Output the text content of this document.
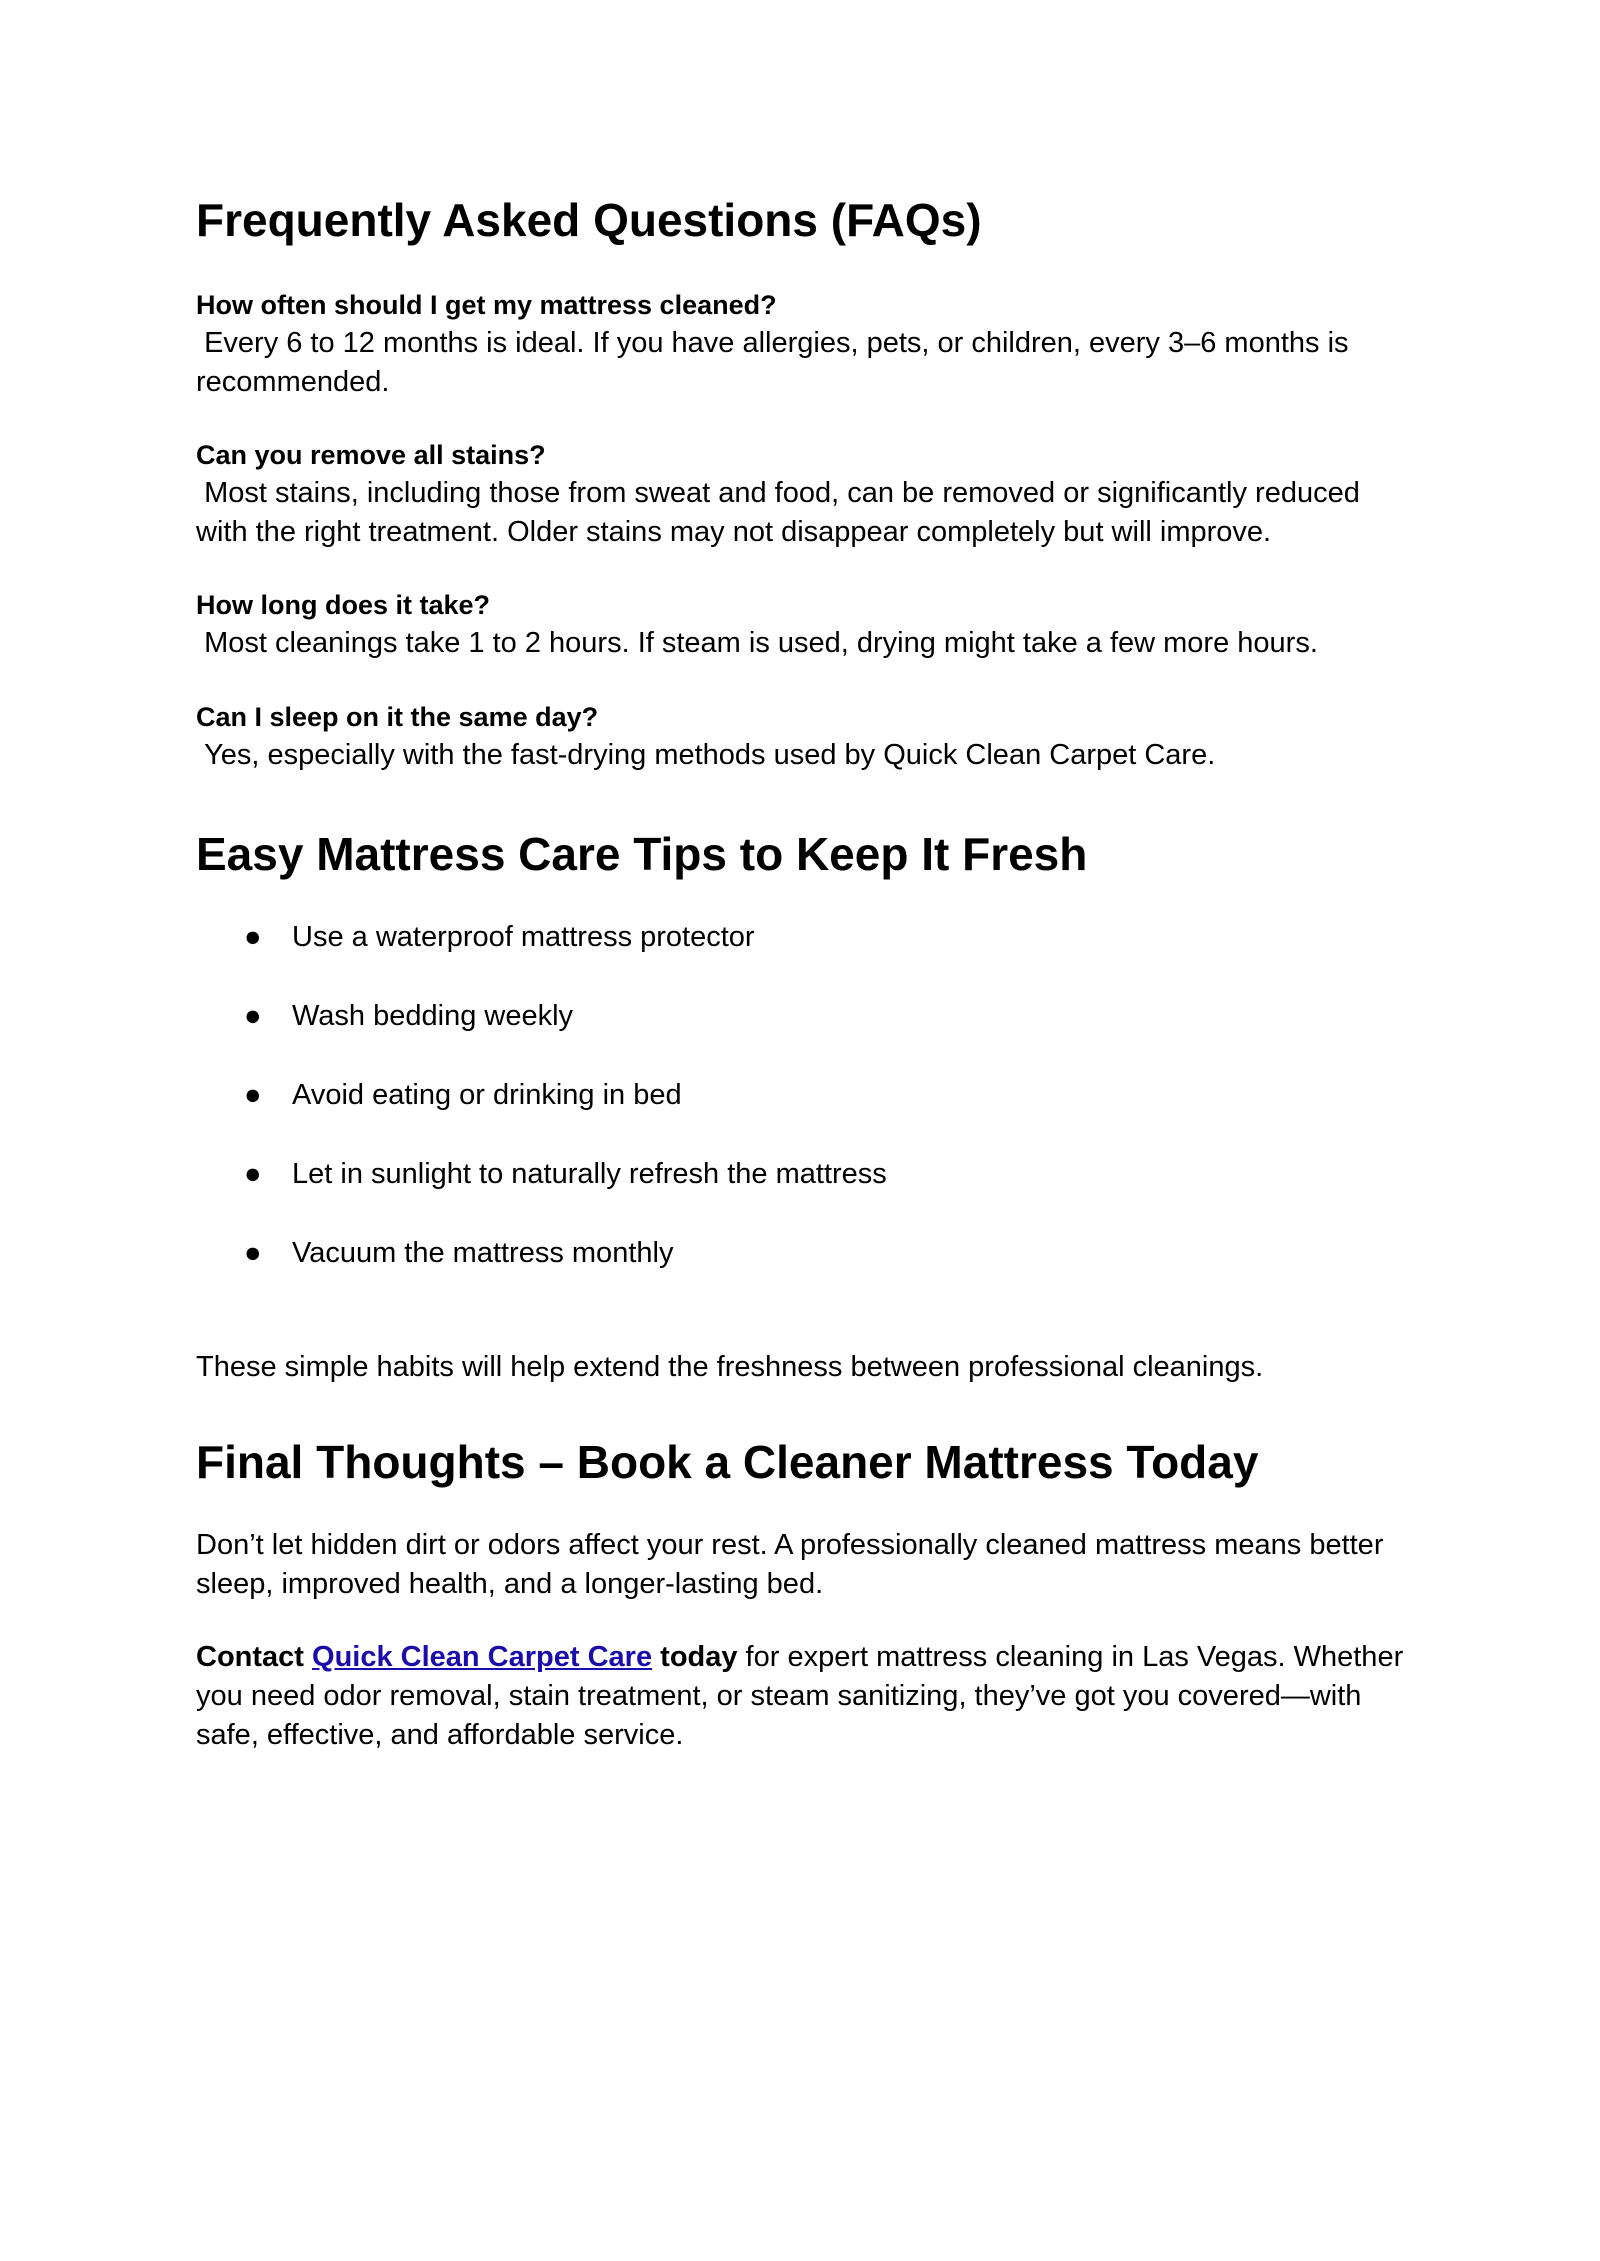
Frequently Asked Questions (FAQs)

How often should I get my mattress cleaned?

Every 6 to 12 months is ideal. If you have allergies, pets, or children, every 3–6 months is recommended.

Can you remove all stains?

Most stains, including those from sweat and food, can be removed or significantly reduced with the right treatment. Older stains may not disappear completely but will improve.

How long does it take?

Most cleanings take 1 to 2 hours. If steam is used, drying might take a few more hours.

Can I sleep on it the same day?

Yes, especially with the fast-drying methods used by Quick Clean Carpet Care.

Easy Mattress Care Tips to Keep It Fresh
● Use a waterproof mattress protector
● Wash bedding weekly
● Avoid eating or drinking in bed
● Let in sunlight to naturally refresh the mattress
● Vacuum the mattress monthly

These simple habits will help extend the freshness between professional cleanings.

Final Thoughts – Book a Cleaner Mattress Today

Don’t let hidden dirt or odors affect your rest. A professionally cleaned mattress means better sleep, improved health, and a longer-lasting bed.

Contact Quick Clean Carpet Care today for expert mattress cleaning in Las Vegas. Whether you need odor removal, stain treatment, or steam sanitizing, they’ve got you covered—with safe, effective, and affordable service.
